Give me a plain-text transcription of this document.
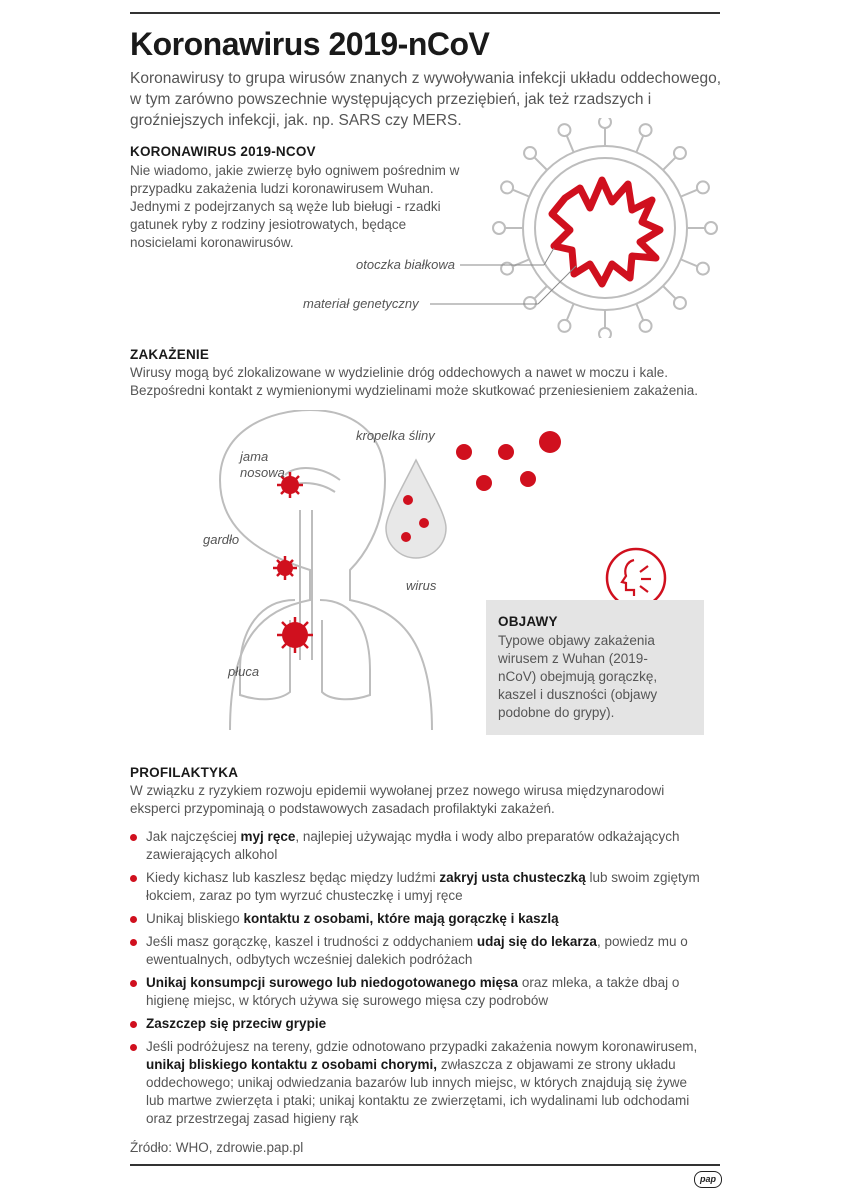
Koronawirus 2019-nCoV
Koronawirusy to grupa wirusów znanych z wywoływania infekcji układu oddechowego, w tym zarówno powszechnie występujących przeziębień, jak też rzadszych i groźniejszych infekcji, jak. np. SARS czy MERS.
KORONAWIRUS 2019-NCOV
Nie wiadomo, jakie zwierzę było ogniwem pośrednim w przypadku zakażenia ludzi koronawirusem Wuhan. Jednymi z podejrzanych są węże lub bieługi - rzadki gatunek ryby z rodziny jesiotrowatych, będące nosicielami koronawirusów.
otoczka białkowa
materiał genetyczny
ZAKAŻENIE
Wirusy mogą być zlokalizowane w wydzielinie dróg oddechowych a nawet w moczu i kale. Bezpośredni kontakt z wymienionymi wydzielinami może skutkować przeniesieniem zakażenia.
jama nosowa
gardło
płuca
kropelka śliny
wirus
OBJAWY
Typowe objawy zakażenia wirusem z Wuhan (2019-nCoV) obejmują gorączkę, kaszel i duszności (objawy podobne do grypy).
PROFILAKTYKA
W związku z ryzykiem rozwoju epidemii wywołanej przez nowego wirusa międzynarodowi eksperci przypominają o podstawowych zasadach profilaktyki zakażeń.
Jak najczęściej myj ręce, najlepiej używając mydła i wody albo preparatów odkażających zawierających alkohol
Kiedy kichasz lub kaszlesz będąc między ludźmi zakryj usta chusteczką lub swoim zgiętym łokciem, zaraz po tym wyrzuć chusteczkę i umyj ręce
Unikaj bliskiego kontaktu z osobami, które mają gorączkę i kaszlą
Jeśli masz gorączkę, kaszel i trudności z oddychaniem udaj się do lekarza, powiedz mu o ewentualnych, odbytych wcześniej dalekich podróżach
Unikaj konsumpcji surowego lub niedogotowanego mięsa oraz mleka, a także dbaj o higienę miejsc, w których używa się surowego mięsa czy podrobów
Zaszczep się przeciw grypie
Jeśli podróżujesz na tereny, gdzie odnotowano przypadki zakażenia nowym koronawirusem, unikaj bliskiego kontaktu z osobami chorymi, zwłaszcza z objawami ze strony układu oddechowego; unikaj odwiedzania bazarów lub innych miejsc, w których znajdują się żywe lub martwe zwierzęta i ptaki; unikaj kontaktu ze zwierzętami, ich wydalinami lub odchodami oraz przestrzegaj zasad higieny rąk
Źródło: WHO, zdrowie.pap.pl
pap
